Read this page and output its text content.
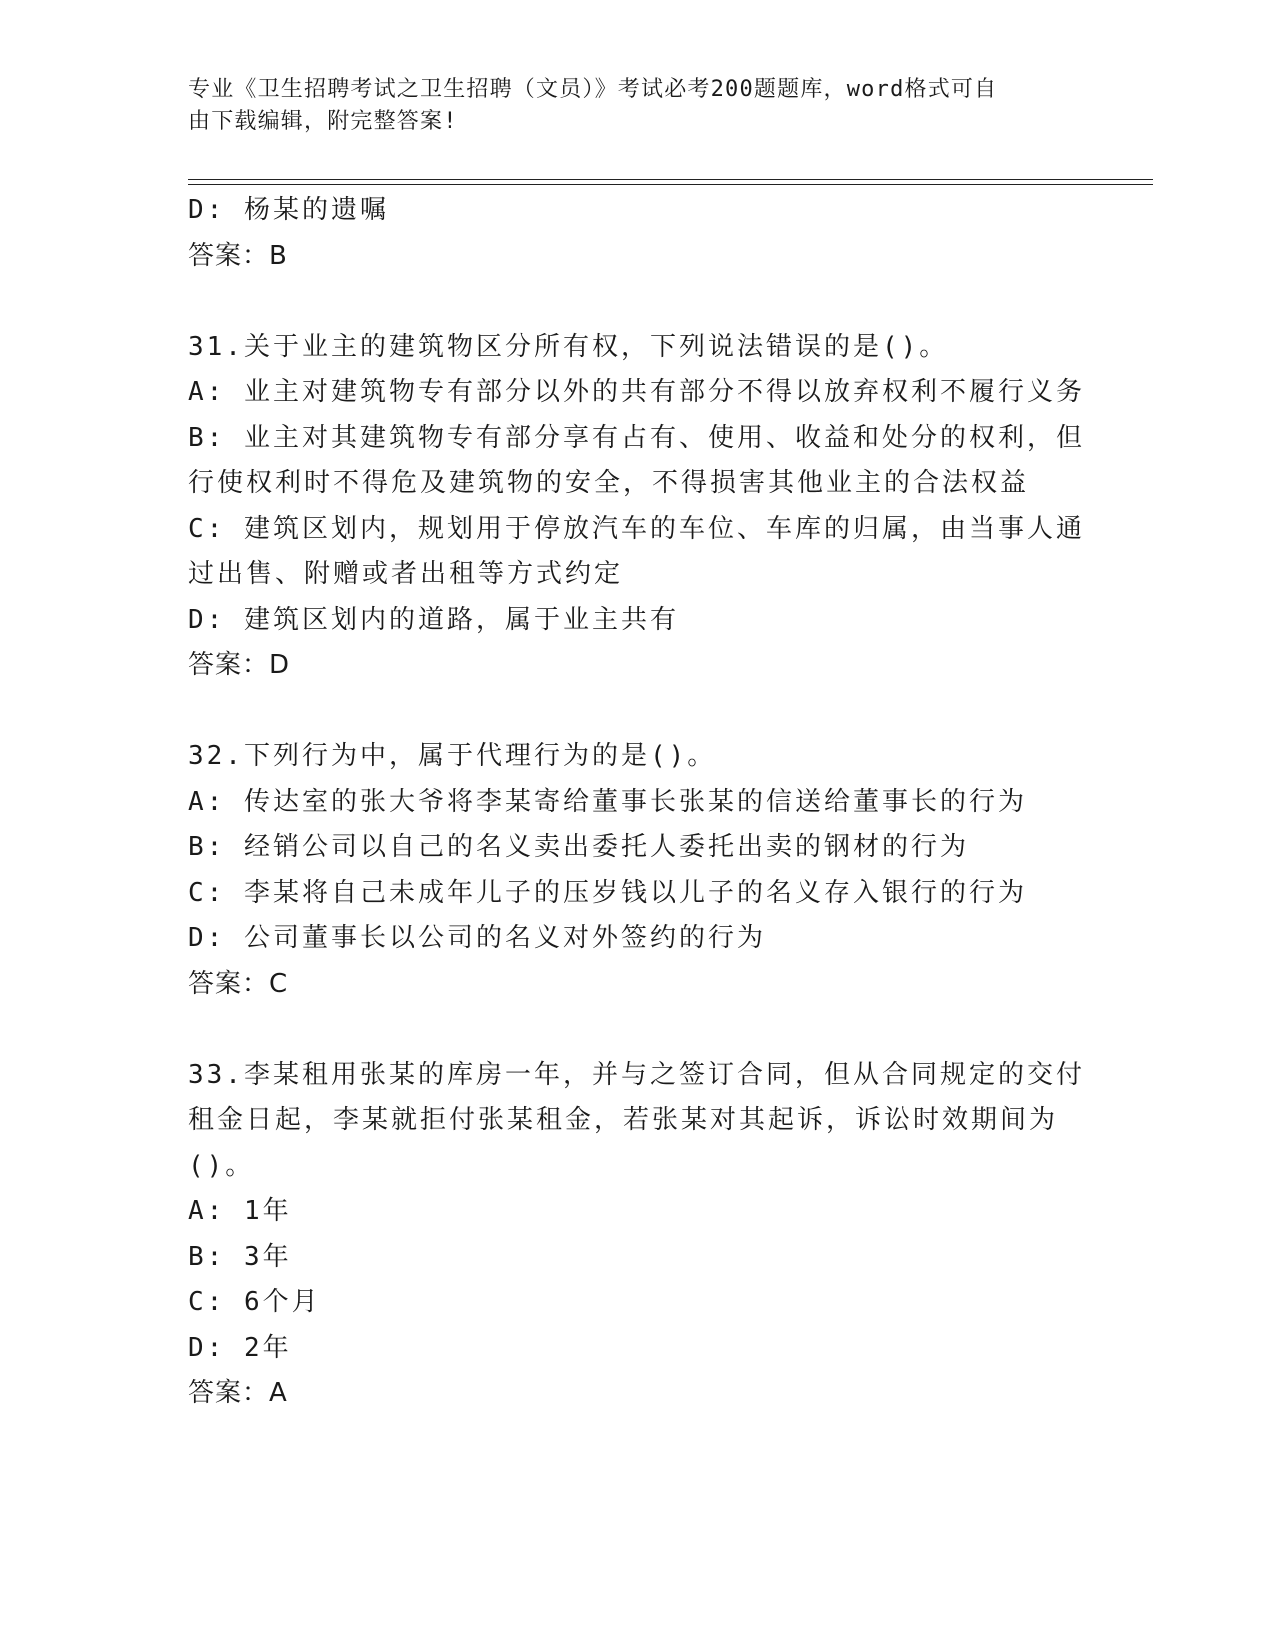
专业《卫生招聘考试之卫生招聘（文员）》考试必考200题题库，word格式可自
由下载编辑，附完整答案!
D: 杨某的遗嘱
答案：B
31.关于业主的建筑物区分所有权，下列说法错误的是()。
A: 业主对建筑物专有部分以外的共有部分不得以放弃权利不履行义务
B: 业主对其建筑物专有部分享有占有、使用、收益和处分的权利，但
行使权利时不得危及建筑物的安全，不得损害其他业主的合法权益
C: 建筑区划内，规划用于停放汽车的车位、车库的归属，由当事人通
过出售、附赠或者出租等方式约定
D: 建筑区划内的道路，属于业主共有
答案：D
32.下列行为中，属于代理行为的是()。
A: 传达室的张大爷将李某寄给董事长张某的信送给董事长的行为
B: 经销公司以自己的名义卖出委托人委托出卖的钢材的行为
C: 李某将自己未成年儿子的压岁钱以儿子的名义存入银行的行为
D: 公司董事长以公司的名义对外签约的行为
答案：C
33.李某租用张某的库房一年，并与之签订合同，但从合同规定的交付
租金日起，李某就拒付张某租金，若张某对其起诉，诉讼时效期间为
()。
A: 1年
B: 3年
C: 6个月
D: 2年
答案：A
